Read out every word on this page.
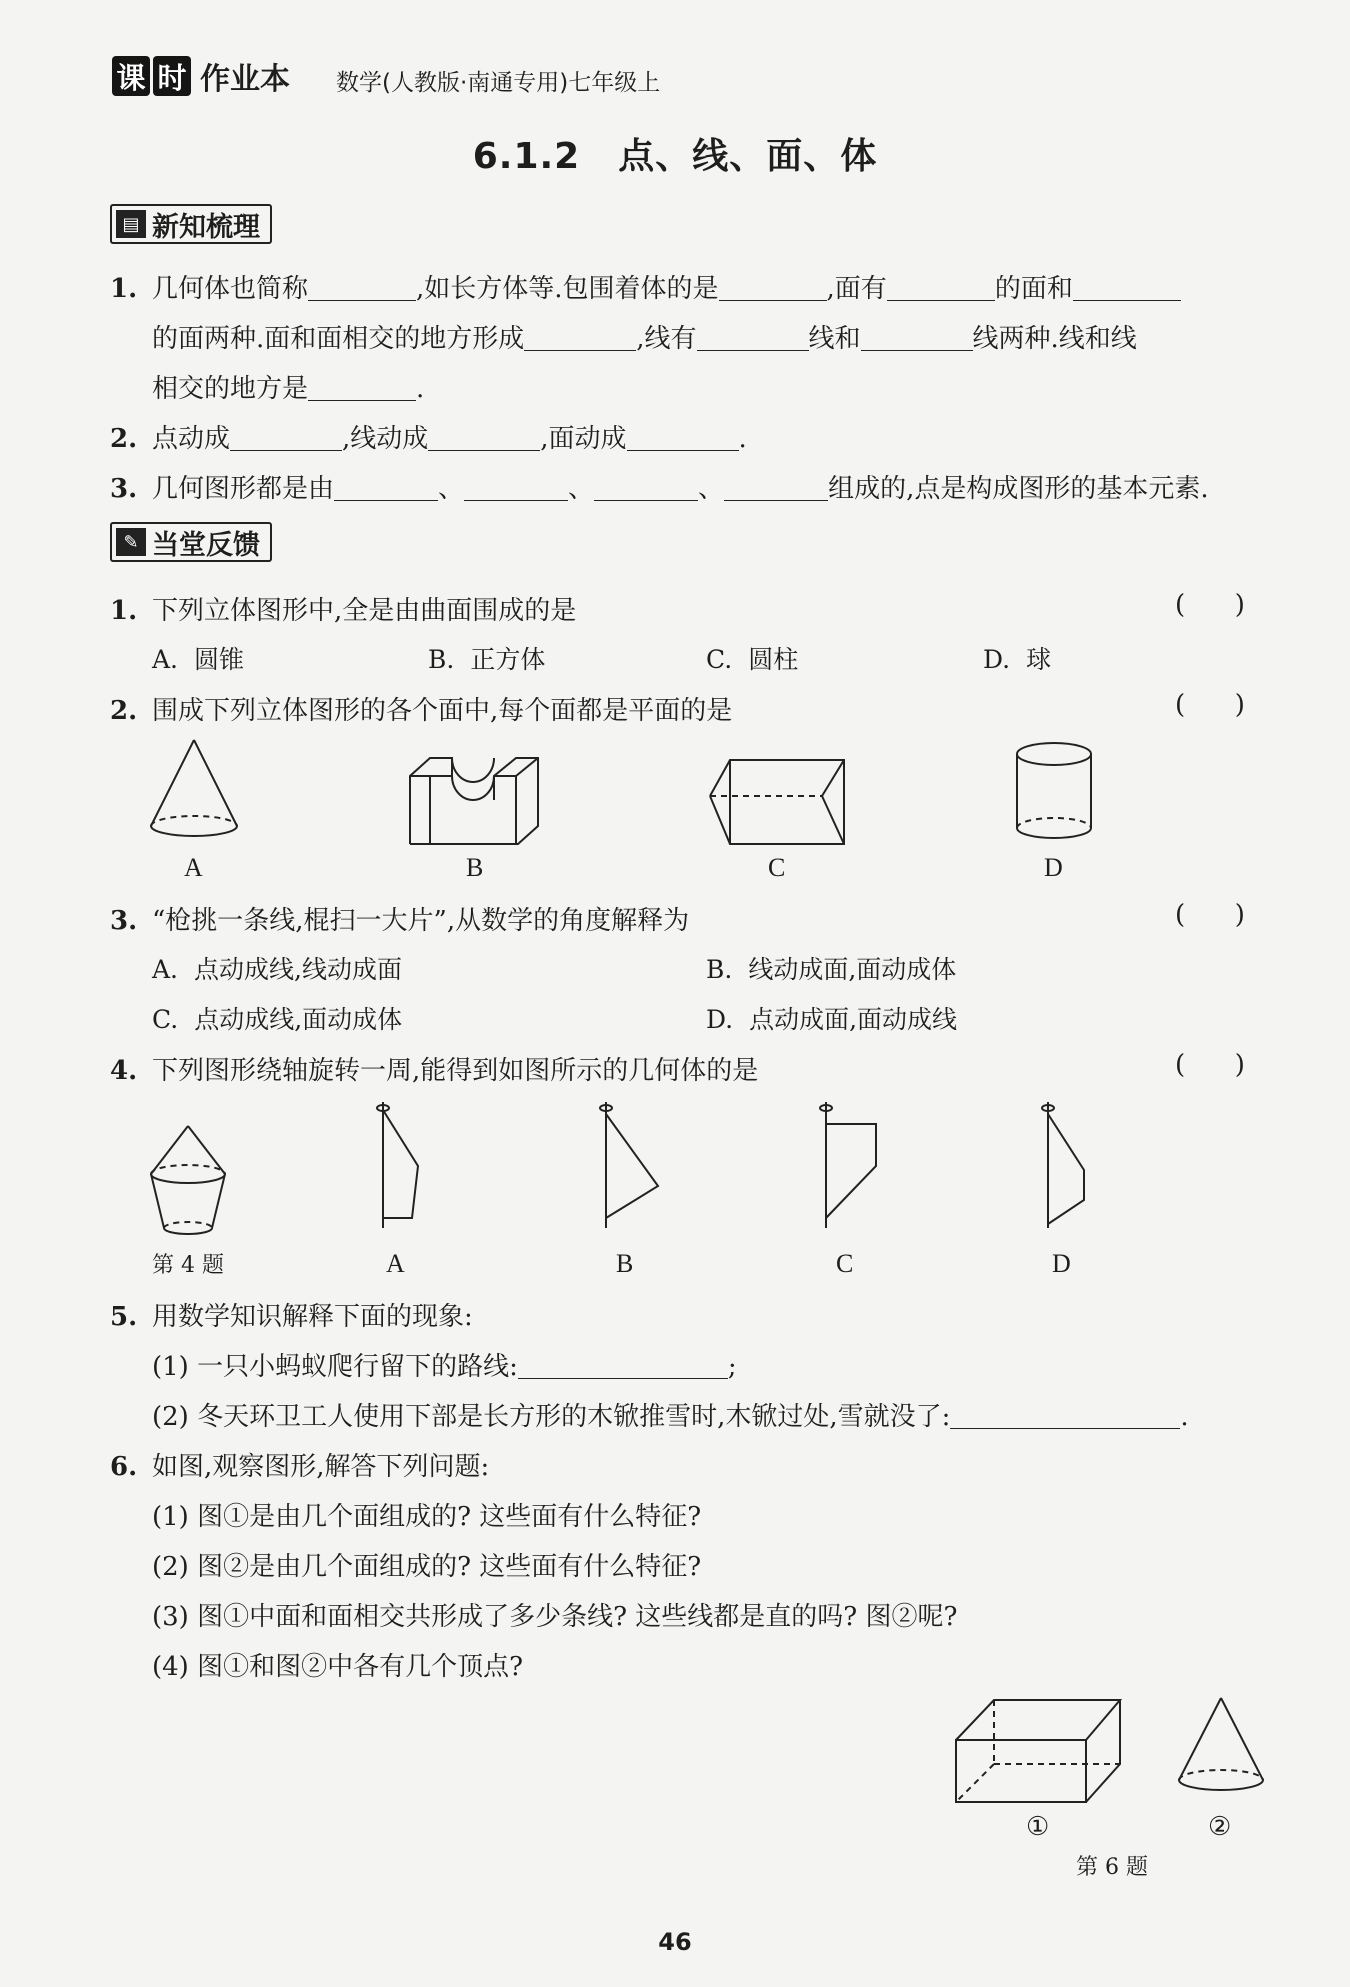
课 时 作业本 数学(人教版·南通专用)七年级上
6.1.2 点、线、面、体
▤ 新知梳理
1. 几何体也简称	,如长方体等.包围着体的是	,面有	的面和
的面两种.面和面相交的地方形成	,线有	线和	线两种.线和线
相交的地方是	.
2. 点动成	,线动成	,面动成	.
3. 几何图形都是由	、	、	、	组成的,点是构成图形的基本元素.
✎ 当堂反馈
1. 下列立体图形中,全是由曲面围成的是	(      )
A. 圆锥	B. 正方体	C. 圆柱	D. 球
2. 围成下列立体图形的各个面中,每个面都是平面的是	(      )
A	B	C	D
3. “枪挑一条线,棍扫一大片”,从数学的角度解释为	(      )
A. 点动成线,线动成面	B. 线动成面,面动成体
C. 点动成线,面动成体	D. 点动成面,面动成线
4. 下列图形绕轴旋转一周,能得到如图所示的几何体的是	(      )
第 4 题	A	B	C	D
5. 用数学知识解释下面的现象:
(1) 一只小蚂蚁爬行留下的路线:	;
(2) 冬天环卫工人使用下部是长方形的木锨推雪时,木锨过处,雪就没了:	.
6. 如图,观察图形,解答下列问题:
(1) 图①是由几个面组成的? 这些面有什么特征?
(2) 图②是由几个面组成的? 这些面有什么特征?
(3) 图①中面和面相交共形成了多少条线? 这些线都是直的吗? 图②呢?
(4) 图①和图②中各有几个顶点?
①	②
第 6 题
46
